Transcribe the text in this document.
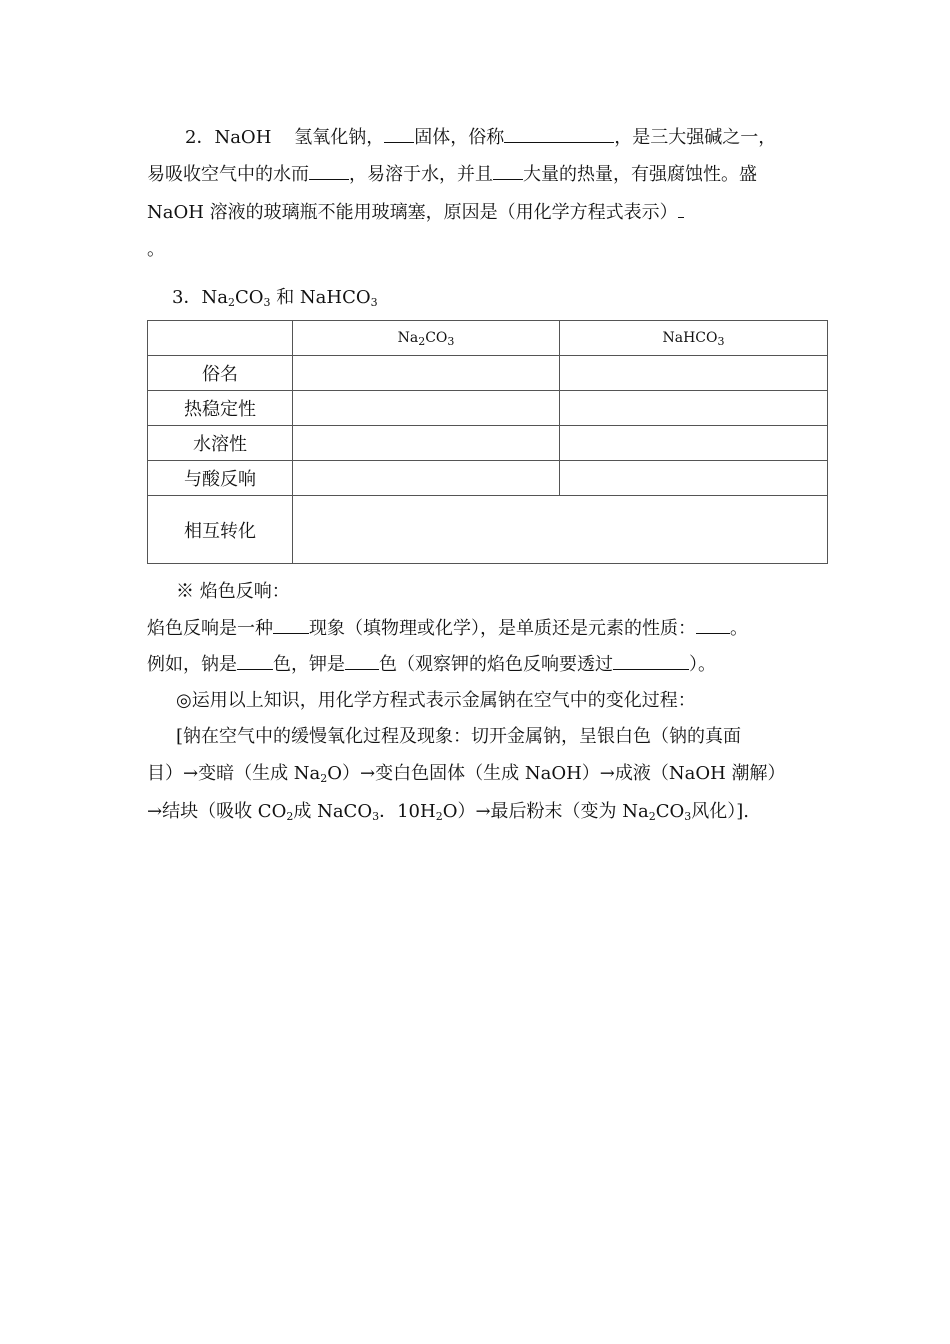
2．NaOH 氢氧化钠， 固体，俗称	，是三大强碱之一，
易吸收空气中的水而 ，易溶于水，并且 大量的热量，有强腐蚀性。盛
NaOH 溶液的玻璃瓶不能用玻璃塞，原因是（用化学方程式表示）
。
3．$Na_2CO_3$ 和 NaHCO$_3$
	$Na_2CO_3$	NaHCO$_3$
俗名		
热稳定性		
水溶性		
与酸反响		
相互转化		
※ 焰色反响：
焰色反响是一种 现象（填物理或化学），是单质还是元素的性质： 。
例如，钠是 色，钾是 色（观察钾的焰色反响要透过	）。
◎运用以上知识，用化学方程式表示金属钠在空气中的变化过程：
[钠在空气中的缓慢氧化过程及现象：切开金属钠，呈银白色（钠的真面
目）→变暗（生成 $Na_2O)\to$变白色固体（生成 NaOH）→成液（NaOH 潮解）
→结块（吸收 $CO_2$成 NaCO$_3$．$10H_2O)\to$最后粉末（变为 $Na_2CO_3$风化）].
